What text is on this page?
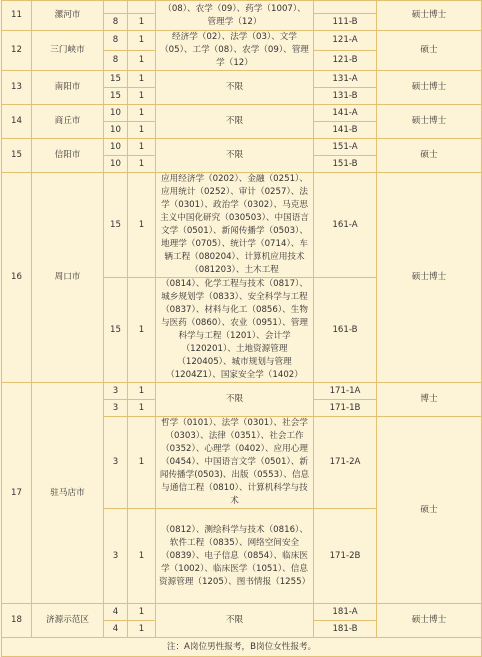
11	漯河市			（08）、农学（09）、药学（1007）、管理学（12）		硕士博士
		8	1		111-B	
12	三门峡市	8	1	经济学（02）、法学（03）、文学（05）、工学（08）、农学（09）、管理学（12）	121-A	硕士
		8	1		121-B	
13	南阳市	15	1	不限	131-A	硕士博士
		15	1		131-B	
14	商丘市	10	1	不限	141-A	硕士博士
		10	1		141-B	
15	信阳市	10	1	不限	151-A	硕士
		10	1		151-B	
16	周口市	15	1	应用经济学（0202）、金融（0251）、应用统计（0252）、审计（0257）、法学（0301）、政治学（0302）、马克思主义中国化研究（030503）、中国语言文学（0501）、新闻传播学（0503）、地理学（0705）、统计学（0714）、车辆工程（080204）、计算机应用技术（081203）、土木工程	161-A	硕士博士
		15	1	（0814）、化学工程与技术（0817）、城乡规划学（0833）、安全科学与工程（0837）、材料与化工（0856）、生物与医药（0860）、农业（0951）、管理科学与工程（1201）、会计学（120201）、土地资源管理（120405）、城市规划与管理（1204Z1）、国家安全学（1402）	161-B	
17	驻马店市	3	1	不限	171-1A	博士
		3	1		171-1B	
		3	1	哲学（0101）、法学（0301）、社会学（0303）、法律（0351）、社会工作（0352）、心理学（0402）、应用心理（0454）、中国语言文学（0501）、新闻传播学(0503)、出版（0553）、信息与通信工程（0810）、计算机科学与技术	171-2A	硕士
		3	1	（0812）、测绘科学与技术（0816）、软件工程（0835）、网络空间安全（0839）、电子信息（0854）、临床医学（1002）、临床医学（1051）、信息资源管理（1205）、图书情报（1255）	171-2B	
18	济源示范区	4	1	不限	181-A	硕士博士
		4	1		181-B	
注：A岗位男性报考，B岗位女性报考。						
